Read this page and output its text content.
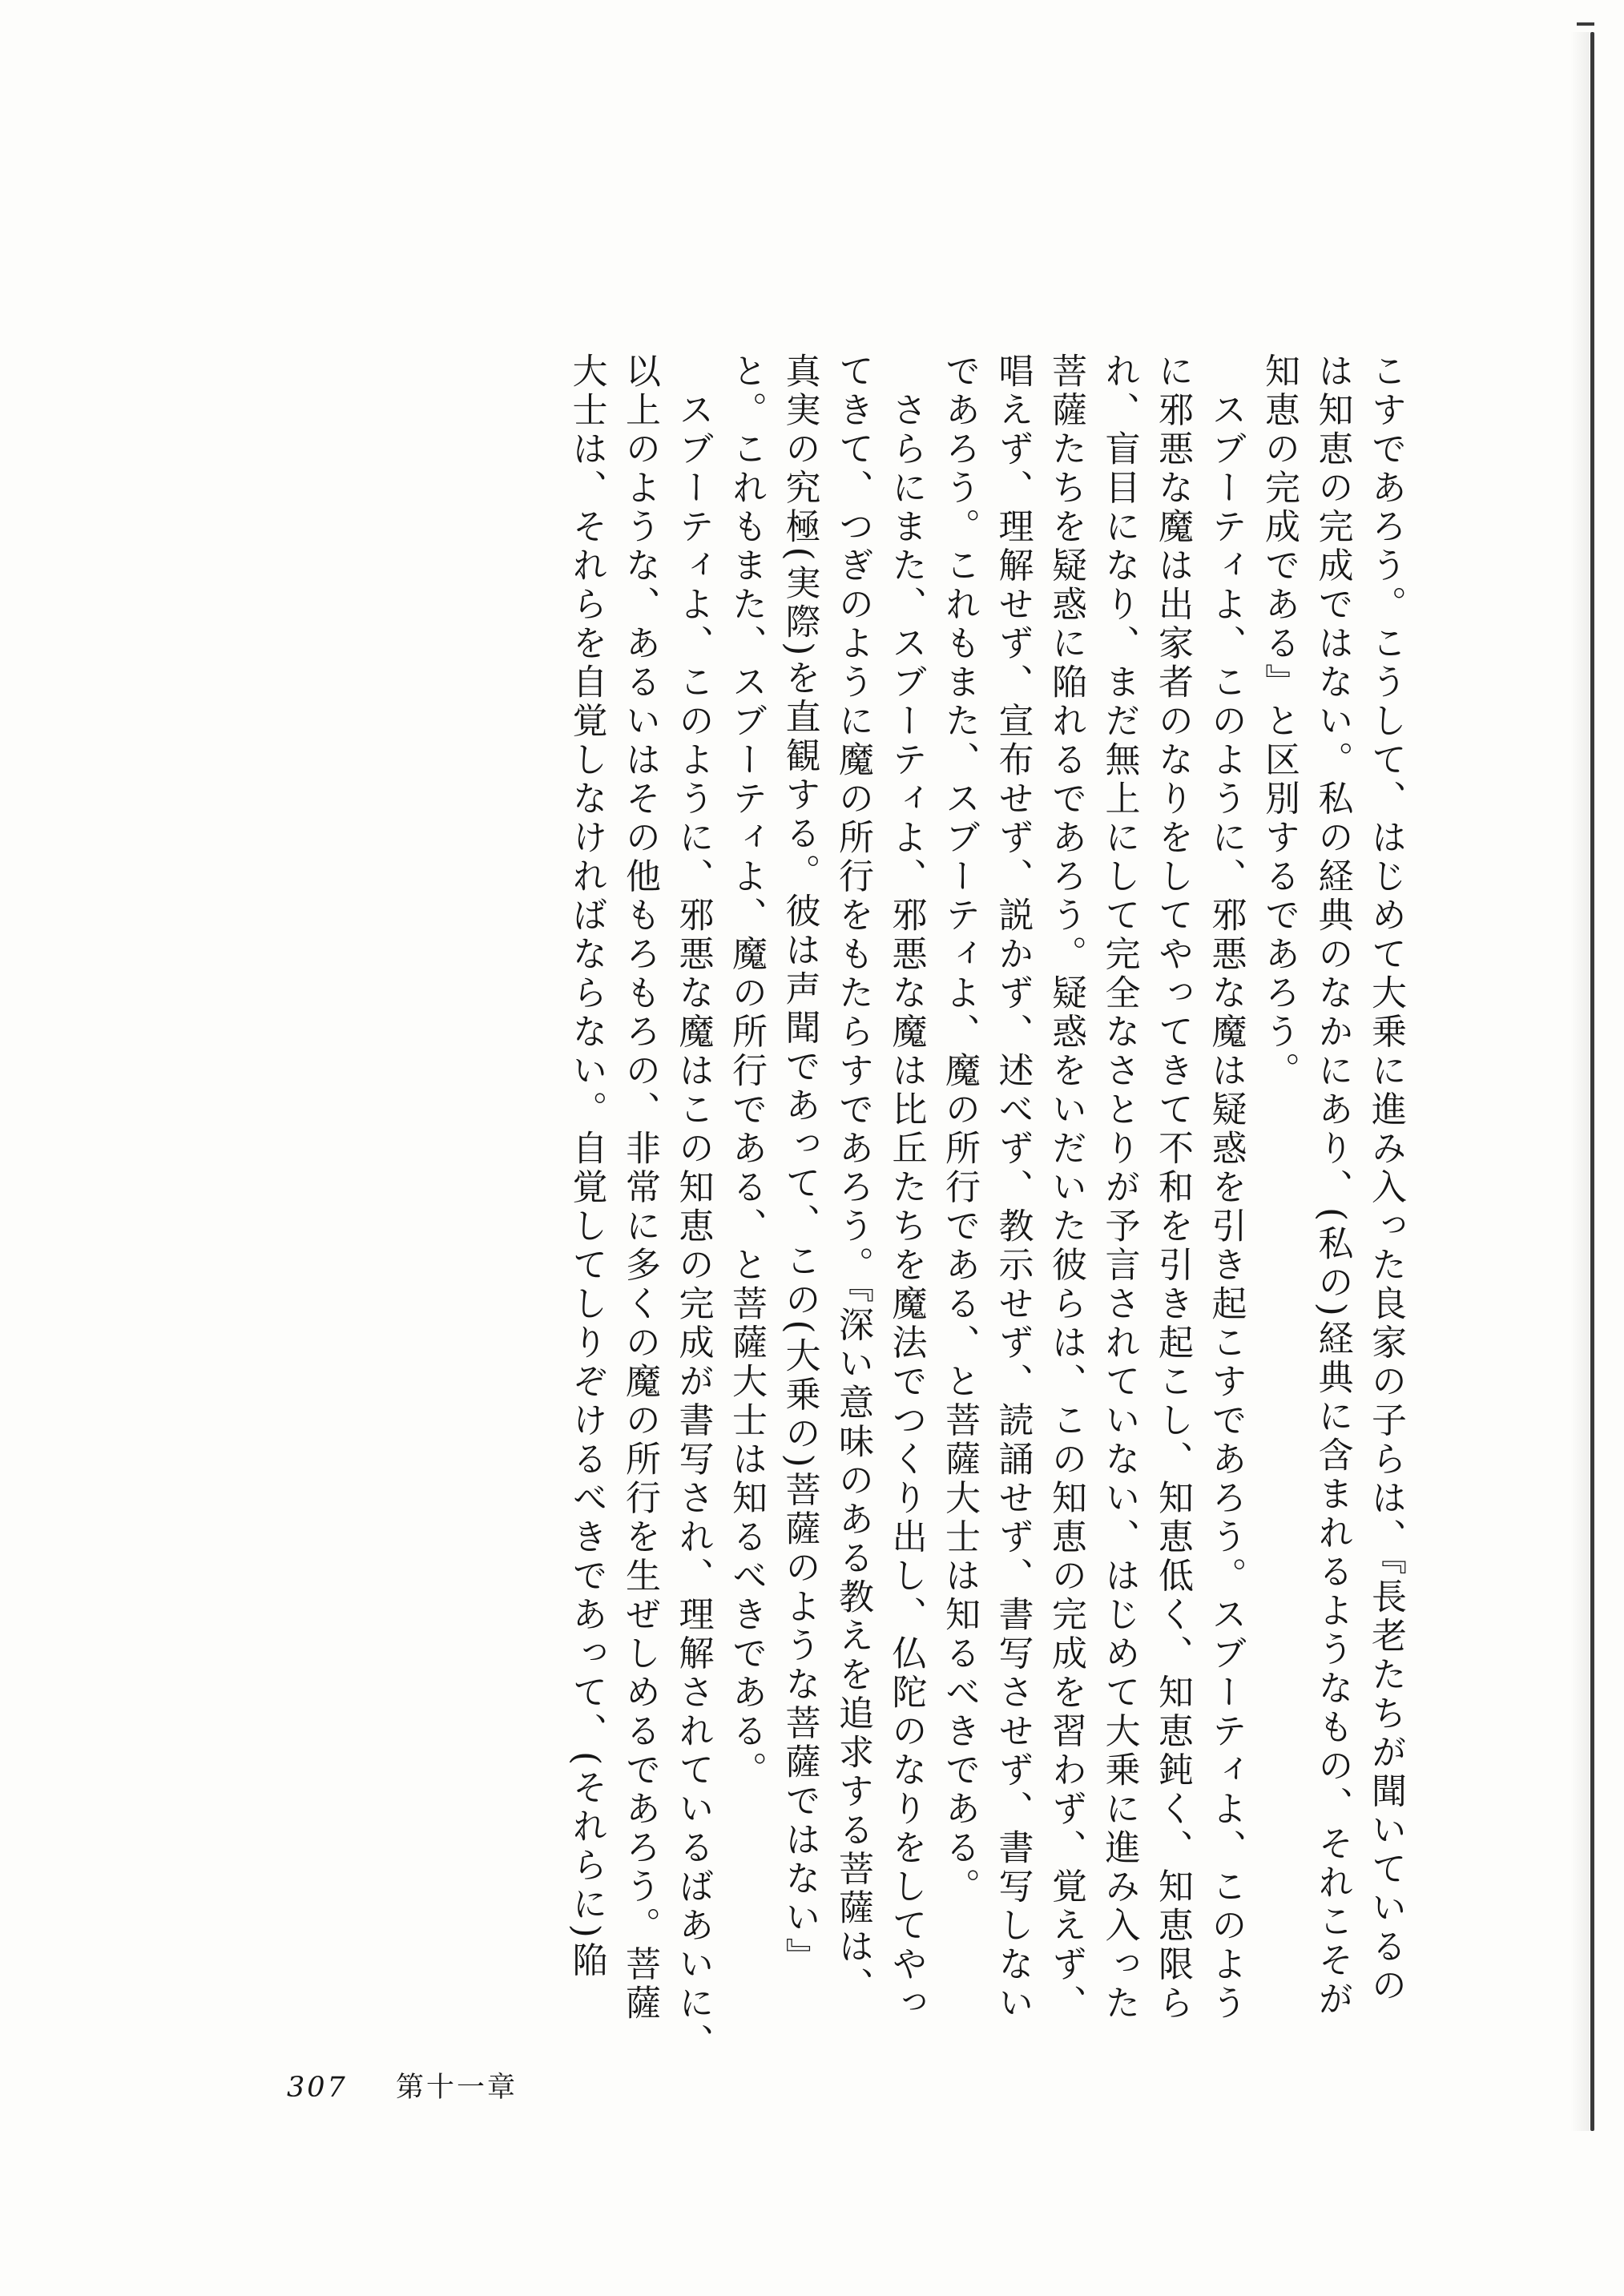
こすであろう。こうして、はじめて大乗に進み入った良家の子らは、『長老たちが聞いているの
は知恵の完成ではない。私の経典のなかにあり、(私の)経典に含まれるようなもの、それこそが
知恵の完成である』と区別するであろう。
　スブーティよ、このように、邪悪な魔は疑惑を引き起こすであろう。スブーティよ、このよう
に邪悪な魔は出家者のなりをしてやってきて不和を引き起こし、知恵低く、知恵鈍く、知恵限ら
れ、盲目になり、まだ無上にして完全なさとりが予言されていない、はじめて大乗に進み入った
菩薩たちを疑惑に陥れるであろう。疑惑をいだいた彼らは、この知恵の完成を習わず、覚えず、
唱えず、理解せず、宣布せず、説かず、述べず、教示せず、読誦せず、書写させず、書写しない
であろう。これもまた、スブーティよ、魔の所行である、と菩薩大士は知るべきである。
　さらにまた、スブーティよ、邪悪な魔は比丘たちを魔法でつくり出し、仏陀のなりをしてやっ
てきて、つぎのように魔の所行をもたらすであろう。『深い意味のある教えを追求する菩薩は、
真実の究極(実際)を直観する。彼は声聞であって、この(大乗の)菩薩のような菩薩ではない』
と。これもまた、スブーティよ、魔の所行である、と菩薩大士は知るべきである。
　スブーティよ、このように、邪悪な魔はこの知恵の完成が書写され、理解されているばあいに、
以上のような、あるいはその他もろもろの、非常に多くの魔の所行を生ぜしめるであろう。菩薩
大士は、それらを自覚しなければならない。自覚してしりぞけるべきであって、(それらに)陥
307 第十一章
